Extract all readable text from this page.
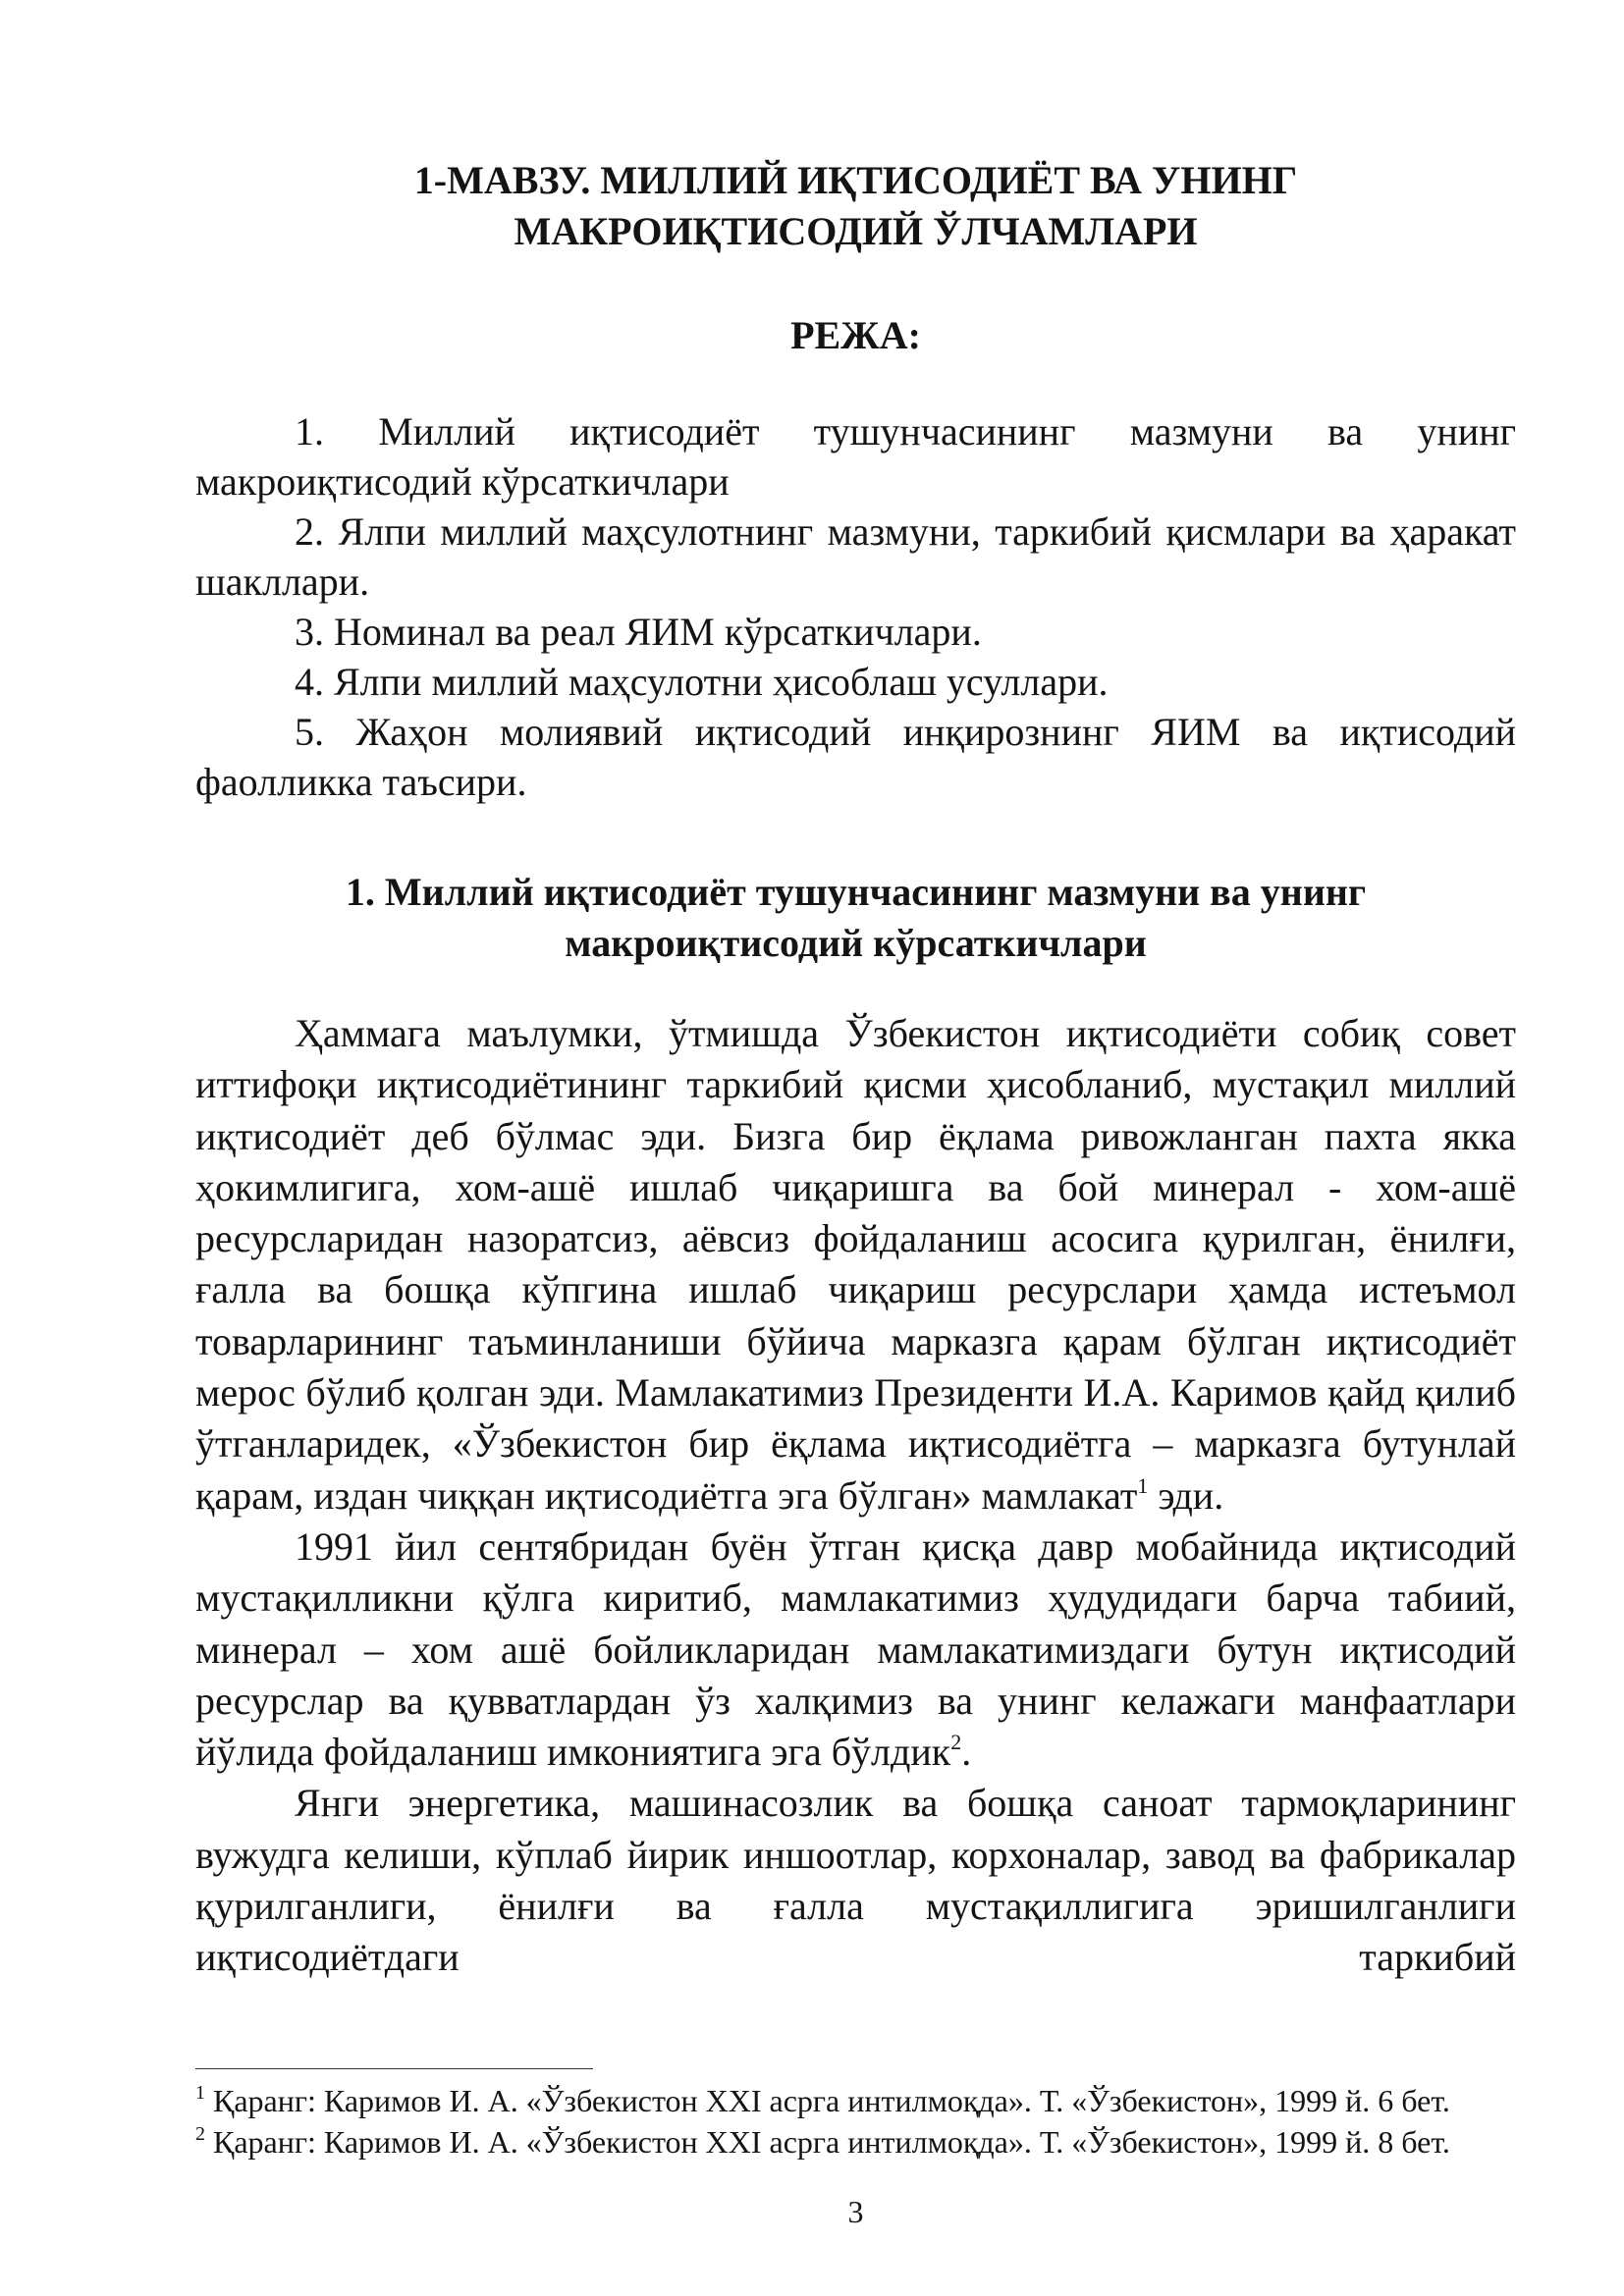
1-МАВЗУ. МИЛЛИЙ ИҚТИСОДИЁТ ВА УНИНГ
МАКРОИҚТИСОДИЙ ЎЛЧАМЛАРИ
РЕЖА:

1. Миллий иқтисодиёт тушунчасининг мазмуни ва унинг макроиқтисодий кўрсаткичлари

2. Ялпи миллий маҳсулотнинг мазмуни, таркибий қисмлари ва ҳаракат шакллари.

3. Номинал ва реал ЯИМ кўрсаткичлари.

4. Ялпи миллий маҳсулотни ҳисоблаш усуллари.

5. Жаҳон молиявий иқтисодий инқирознинг ЯИМ ва иқтисодий фаолликка таъсири.

1. Миллий иқтисодиёт тушунчасининг мазмуни ва унинг
макроиқтисодий кўрсаткичлари

Ҳаммага маълумки, ўтмишда Ўзбекистон иқтисодиёти собиқ совет иттифоқи иқтисодиётининг таркибий қисми ҳисобланиб, мустақил миллий иқтисодиёт деб бўлмас эди. Бизга бир ёқлама ривожланган пахта якка ҳокимлигига, хом-ашё ишлаб чиқаришга ва бой минерал - хом-ашё ресурсларидан назоратсиз, аёвсиз фойдаланиш асосига қурилган, ёнилғи, ғалла ва бошқа кўпгина ишлаб чиқариш ресурслари ҳамда истеъмол товарларининг таъминланиши бўйича марказга қарам бўлган иқтисодиёт мерос бўлиб қолган эди. Мамлакатимиз Президенти И.А. Каримов қайд қилиб ўтганларидек, «Ўзбекистон бир ёқлама иқтисодиётга – марказга бутунлай қарам, издан чиққан иқтисодиётга эга бўлган» мамлакат$^1$ эди.

1991 йил сентябридан буён ўтган қисқа давр мобайнида иқтисодий мустақилликни қўлга киритиб, мамлакатимиз ҳудудидаги барча табиий, минерал – хом ашё бойликларидан мамлакатимиздаги бутун иқтисодий ресурслар ва қувватлардан ўз халқимиз ва унинг келажаги манфаатлари йўлида фойдаланиш имкониятига эга бўлдик$^2$.

Янги энергетика, машинасозлик ва бошқа саноат тармоқларининг вужудга келиши, кўплаб йирик иншоотлар, корхоналар, завод ва фабрикалар қурилганлиги, ёнилғи ва ғалла мустақиллигига эришилганлиги иқтисодиётдаги таркибий

$^1$ Қаранг: Каримов И. А. «Ўзбекистон XXI асрга интилмоқда». Т. «Ўзбекистон», 1999 й. 6 бет.

$^2$ Қаранг: Каримов И. А. «Ўзбекистон XXI асрга интилмоқда». Т. «Ўзбекистон», 1999 й. 8 бет.

3
